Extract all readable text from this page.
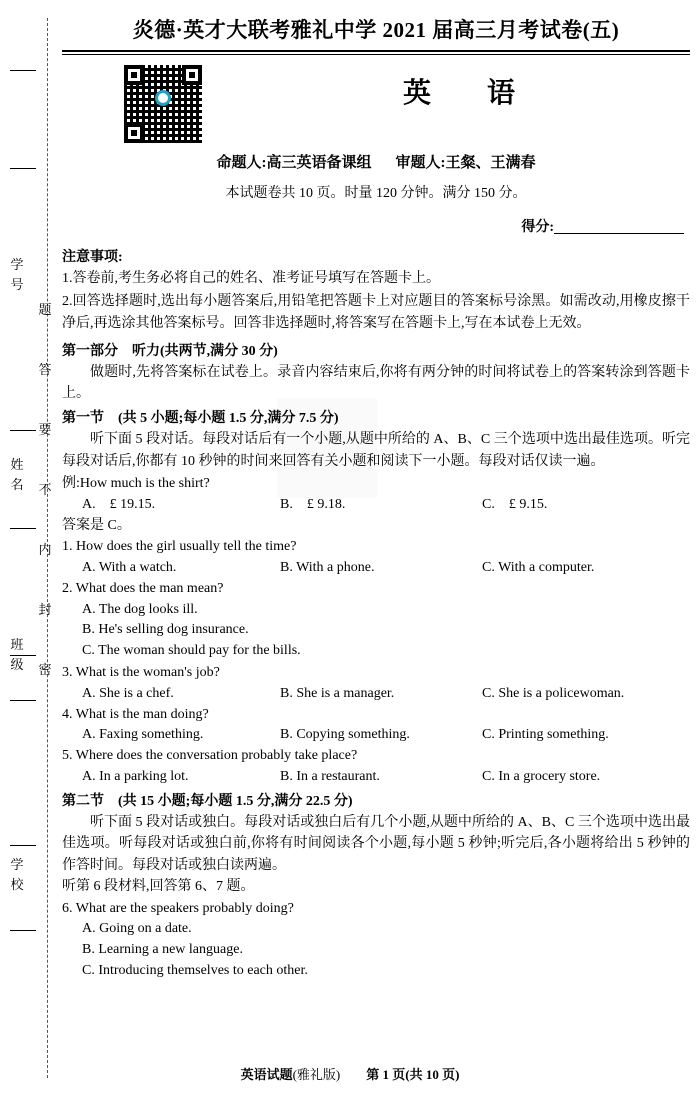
学　号
姓　名
班　级
学　校
题
答
要
不
内
封
密
炎德·英才大联考雅礼中学 2021 届高三月考试卷(五)
英　语
命题人:高三英语备课组 审题人:王粲、王满春
本试题卷共 10 页。时量 120 分钟。满分 150 分。
得分:
注意事项:

1.答卷前,考生务必将自己的姓名、准考证号填写在答题卡上。

2.回答选择题时,选出每小题答案后,用铅笔把答题卡上对应题目的答案标号涂黑。如需改动,用橡皮擦干净后,再选涂其他答案标号。回答非选择题时,将答案写在答题卡上,写在本试卷上无效。

第一部分　听力(共两节,满分 30 分)

做题时,先将答案标在试卷上。录音内容结束后,你将有两分钟的时间将试卷上的答案转涂到答题卡上。

第一节　(共 5 小题;每小题 1.5 分,满分 7.5 分)

听下面 5 段对话。每段对话后有一个小题,从题中所给的 A、B、C 三个选项中选出最佳选项。听完每段对话后,你都有 10 秒钟的时间来回答有关小题和阅读下一小题。每段对话仅读一遍。

例:How much is the shirt?
A.　£ 19.15.	B.　£ 9.18.	C.　£ 9.15.
答案是 C。
1. How does the girl usually tell the time?
A. With a watch.	B. With a phone.	C. With a computer.
2. What does the man mean?
A. The dog looks ill.
B. He's selling dog insurance.
C. The woman should pay for the bills.
3. What is the woman's job?
A. She is a chef.	B. She is a manager.	C. She is a policewoman.
4. What is the man doing?
A. Faxing something.	B. Copying something.	C. Printing something.
5. Where does the conversation probably take place?
A. In a parking lot.	B. In a restaurant.	C. In a grocery store.
第二节　(共 15 小题;每小题 1.5 分,满分 22.5 分)

听下面 5 段对话或独白。每段对话或独白后有几个小题,从题中所给的 A、B、C 三个选项中选出最佳选项。听每段对话或独白前,你将有时间阅读各个小题,每小题 5 秒钟;听完后,各小题将给出 5 秒钟的作答时间。每段对话或独白读两遍。

听第 6 段材料,回答第 6、7 题。
6. What are the speakers probably doing?
A. Going on a date.
B. Learning a new language.
C. Introducing themselves to each other.
英语试题(雅礼版)　　 第 1 页(共 10 页)
